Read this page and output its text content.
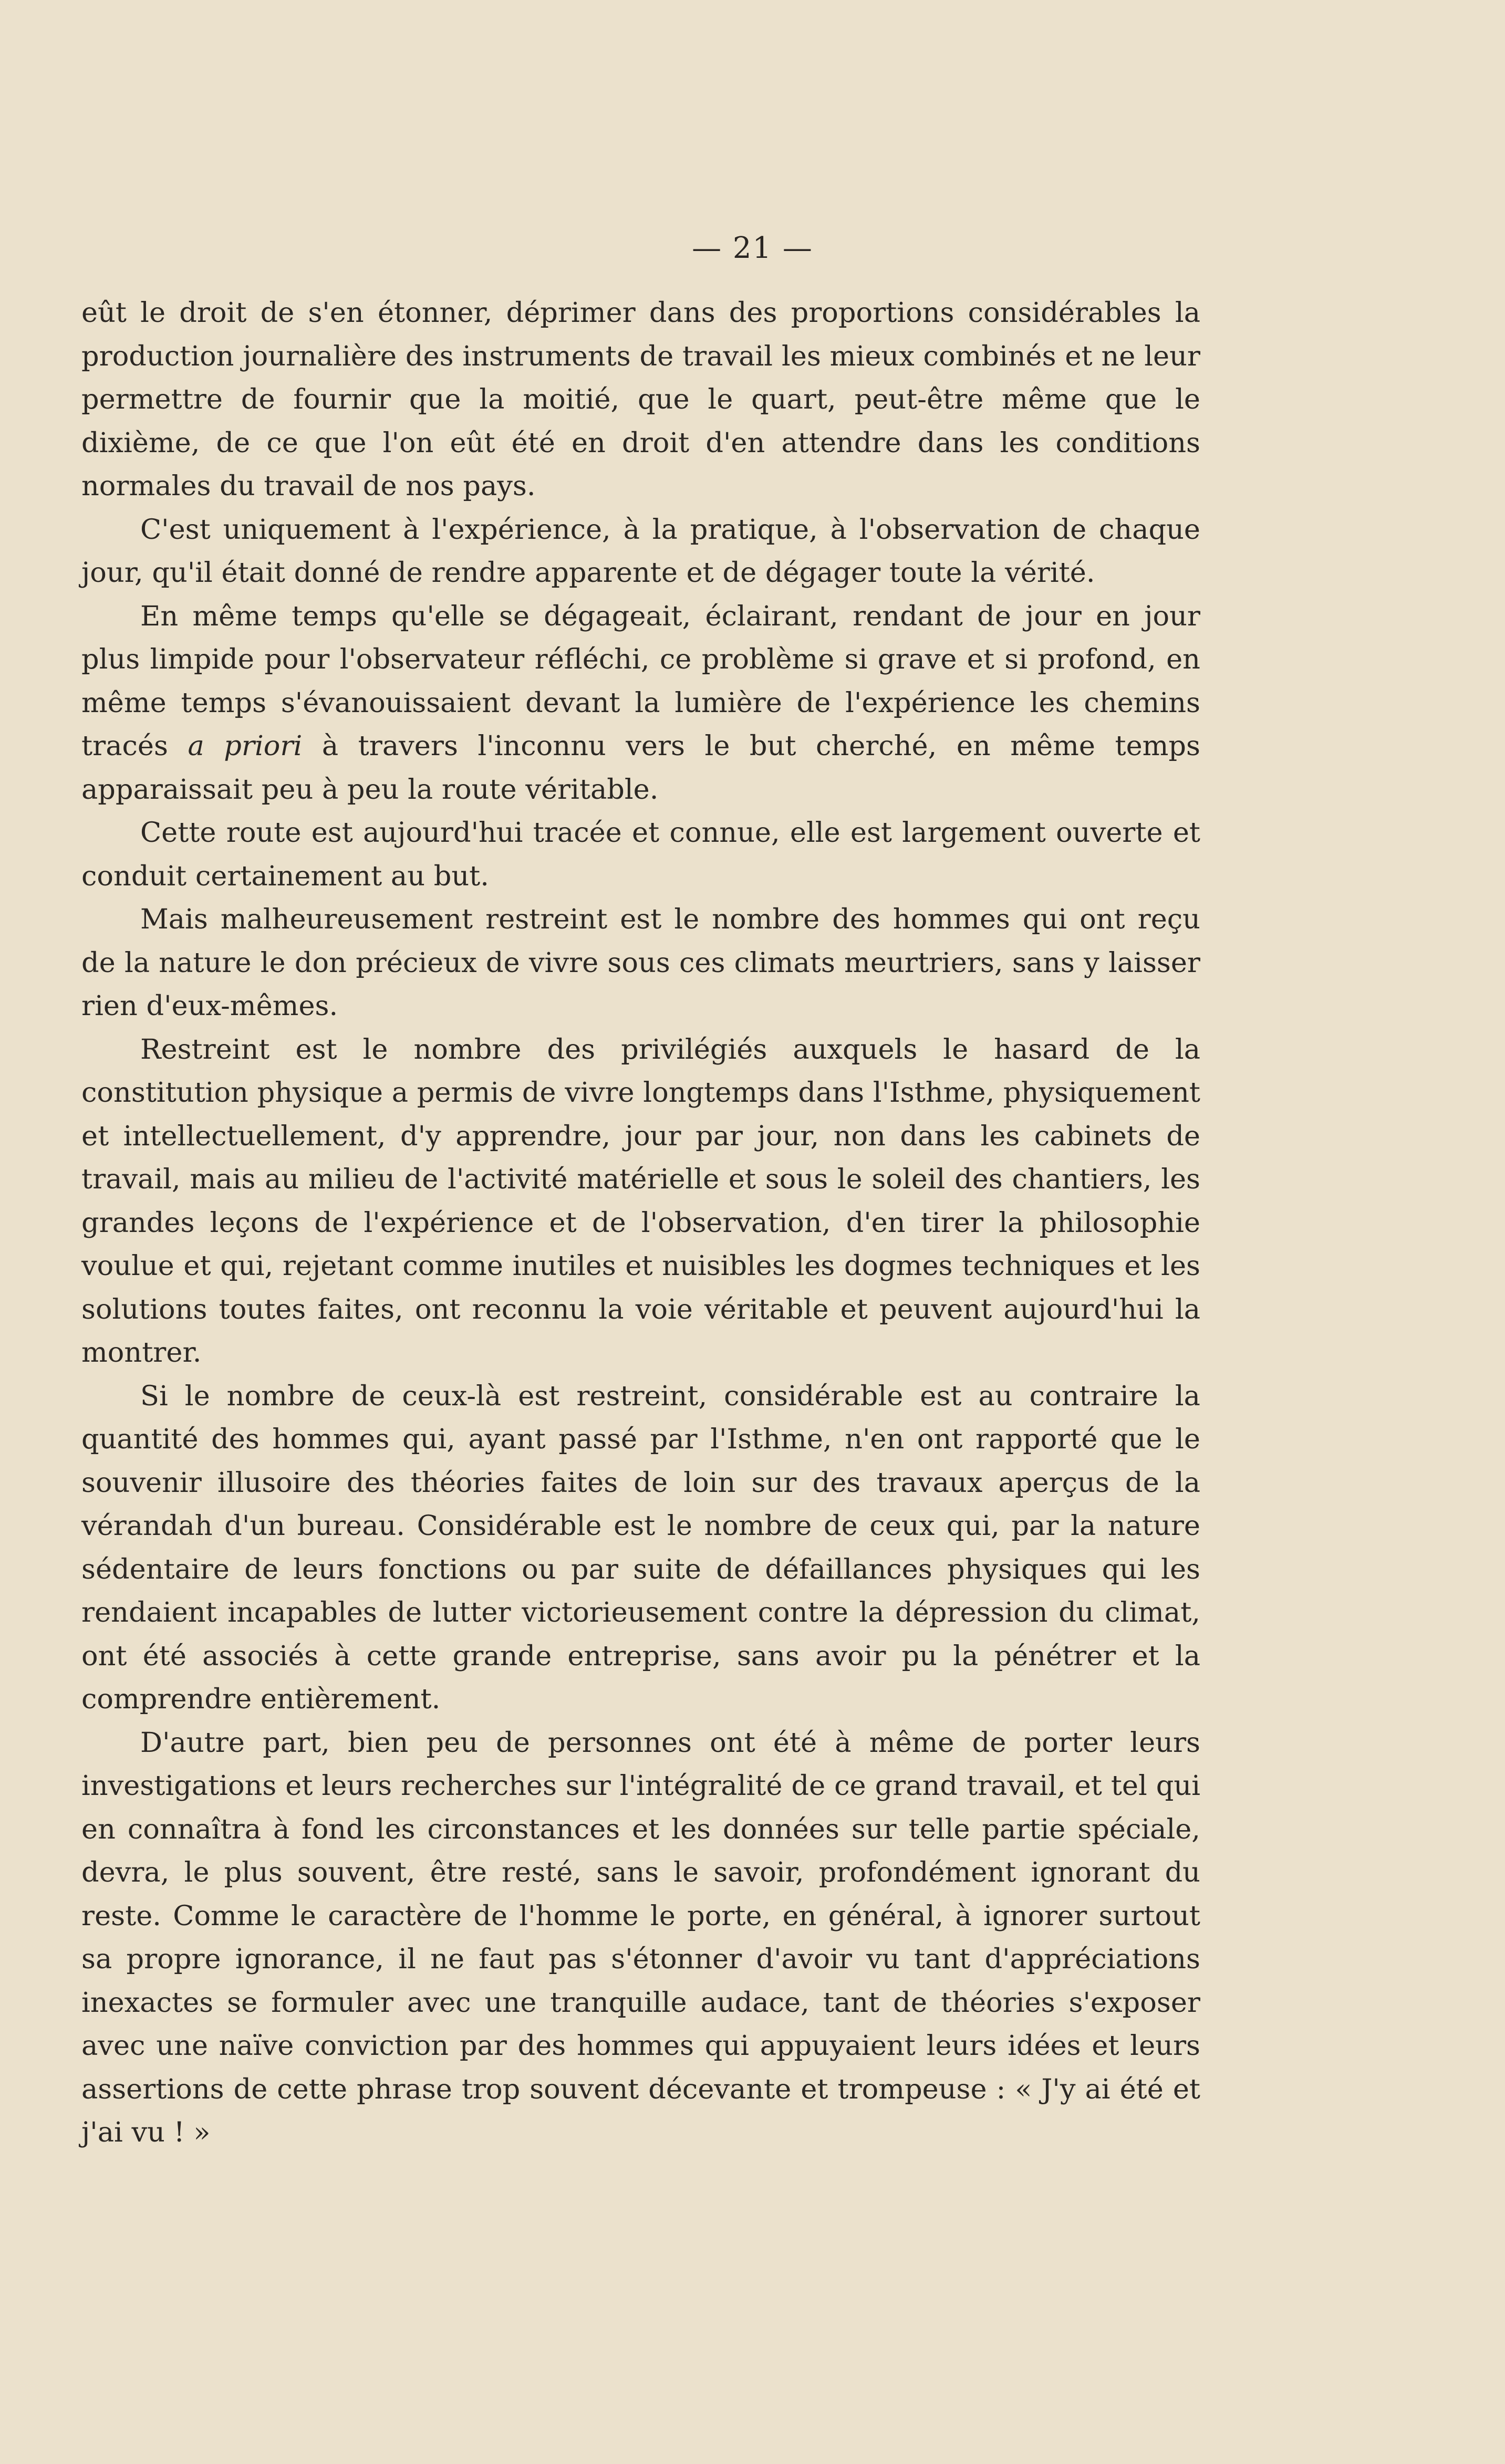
— 21 —

eût le droit de s'en étonner, déprimer dans des proportions considérables la production journalière des instruments de travail les mieux combinés et ne leur permettre de fournir que la moitié, que le quart, peut-être même que le dixième, de ce que l'on eût été en droit d'en attendre dans les conditions normales du travail de nos pays.

C'est uniquement à l'expérience, à la pratique, à l'observation de chaque jour, qu'il était donné de rendre apparente et de dégager toute la vérité.

En même temps qu'elle se dégageait, éclairant, rendant de jour en jour plus limpide pour l'observateur réfléchi, ce problème si grave et si profond, en même temps s'évanouissaient devant la lumière de l'expérience les chemins tracés a priori à travers l'inconnu vers le but cherché, en même temps apparaissait peu à peu la route véritable.

Cette route est aujourd'hui tracée et connue, elle est largement ouverte et conduit certainement au but.

Mais malheureusement restreint est le nombre des hommes qui ont reçu de la nature le don précieux de vivre sous ces climats meurtriers, sans y laisser rien d'eux-mêmes.

Restreint est le nombre des privilégiés auxquels le hasard de la constitution physique a permis de vivre longtemps dans l'Isthme, physiquement et intellectuellement, d'y apprendre, jour par jour, non dans les cabinets de travail, mais au milieu de l'activité matérielle et sous le soleil des chantiers, les grandes leçons de l'expérience et de l'observation, d'en tirer la philosophie voulue et qui, rejetant comme inutiles et nuisibles les dogmes techniques et les solutions toutes faites, ont reconnu la voie véritable et peuvent aujourd'hui la montrer.

Si le nombre de ceux-là est restreint, considérable est au contraire la quantité des hommes qui, ayant passé par l'Isthme, n'en ont rapporté que le souvenir illusoire des théories faites de loin sur des travaux aperçus de la vérandah d'un bureau. Considérable est le nombre de ceux qui, par la nature sédentaire de leurs fonctions ou par suite de défaillances physiques qui les rendaient incapables de lutter victorieusement contre la dépression du climat, ont été associés à cette grande entreprise, sans avoir pu la pénétrer et la comprendre entièrement.

D'autre part, bien peu de personnes ont été à même de porter leurs investigations et leurs recherches sur l'intégralité de ce grand travail, et tel qui en connaîtra à fond les circonstances et les données sur telle partie spéciale, devra, le plus souvent, être resté, sans le savoir, profondément ignorant du reste. Comme le caractère de l'homme le porte, en général, à ignorer surtout sa propre ignorance, il ne faut pas s'étonner d'avoir vu tant d'appréciations inexactes se formuler avec une tranquille audace, tant de théories s'exposer avec une naïve conviction par des hommes qui appuyaient leurs idées et leurs assertions de cette phrase trop souvent décevante et trompeuse : « J'y ai été et j'ai vu ! »
